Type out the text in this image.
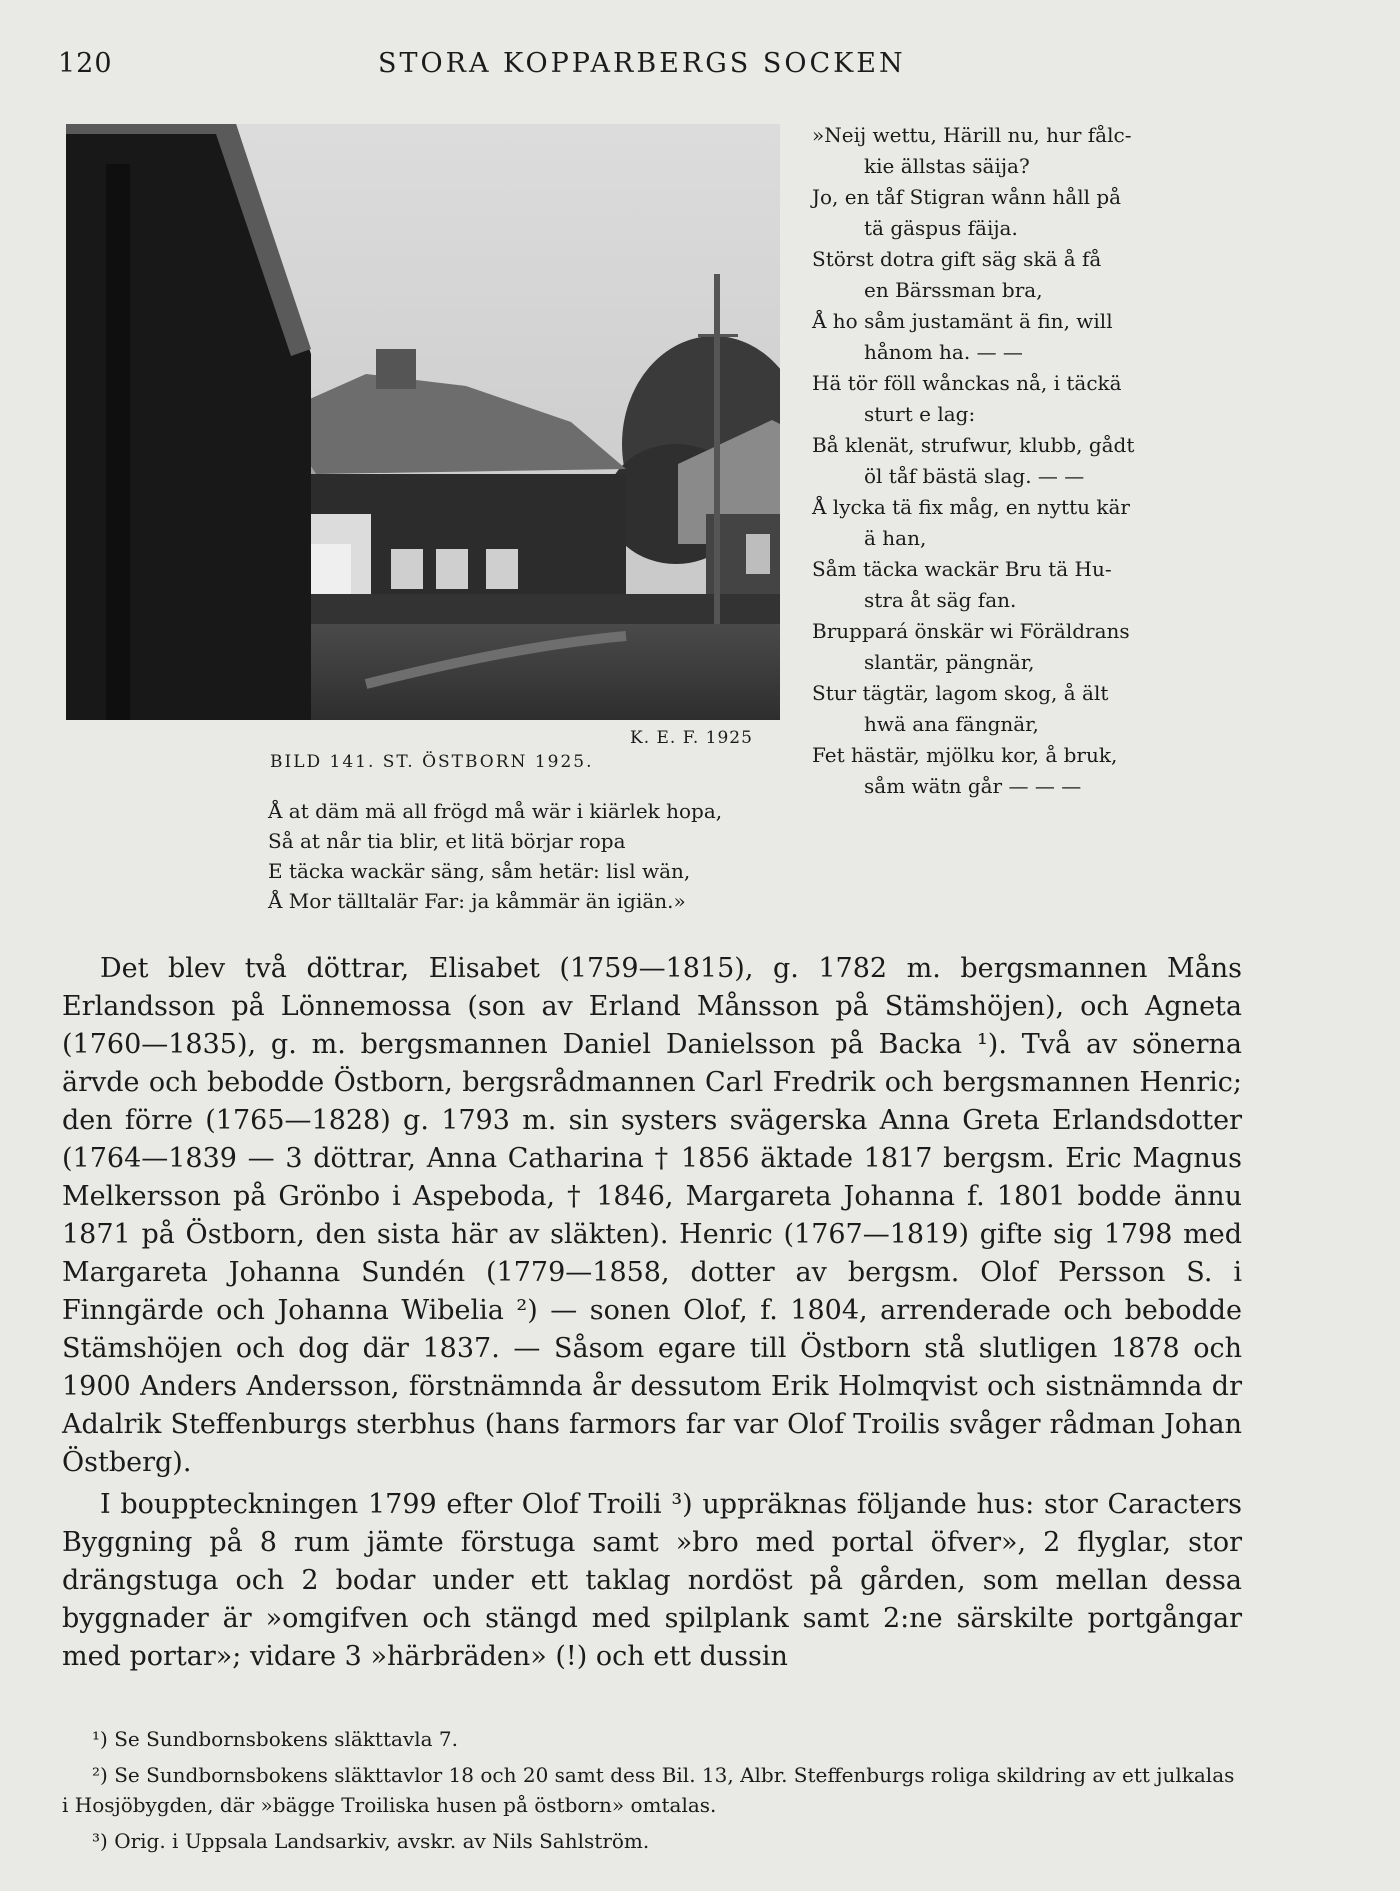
120	STORA KOPPARBERGS SOCKEN
K. E. F. 1925
BILD 141. ST. ÖSTBORN 1925.
»Neij wettu, Härill nu, hur fålc-
kie ällstas säija?
Jo, en tåf Stigran wånn håll på
tä gäspus fäija.
Störst dotra gift säg skä å få
en Bärssman bra,
Å ho såm justamänt ä fin, will
hånom ha. — —
Hä tör föll wånckas nå, i täckä
sturt e lag:
Bå klenät, strufwur, klubb, gådt
öl tåf bästä slag. — —
Å lycka tä fix måg, en nyttu kär
ä han,
Såm täcka wackär Bru tä Hu-
stra åt säg fan.
Bruppará önskär wi Föräldrans
slantär, pängnär,
Stur tägtär, lagom skog, å ält
hwä ana fängnär,
Fet hästär, mjölku kor, å bruk,
såm wätn går — — —
Å at däm mä all frögd må wär i kiärlek hopa,
Så at når tia blir, et litä börjar ropa
E täcka wackär säng, såm hetär: lisl wän,
Å Mor tälltalär Far: ja kåmmär än igiän.»

Det blev två döttrar, Elisabet (1759—1815), g. 1782 m. bergsmannen Måns Erlandsson på Lönnemossa (son av Erland Månsson på Stämshöjen), och Agneta (1760—1835), g. m. bergsmannen Daniel Danielsson på Backa ¹). Två av sönerna ärvde och bebodde Östborn, bergsrådmannen Carl Fredrik och bergsmannen Henric; den förre (1765—1828) g. 1793 m. sin systers svägerska Anna Greta Erlandsdotter (1764—1839 — 3 döttrar, Anna Catharina † 1856 äktade 1817 bergsm. Eric Magnus Melkersson på Grönbo i Aspeboda, † 1846, Margareta Johanna f. 1801 bodde ännu 1871 på Östborn, den sista här av släkten). Henric (1767—1819) gifte sig 1798 med Margareta Johanna Sundén (1779—1858, dotter av bergsm. Olof Persson S. i Finngärde och Johanna Wibelia ²) — sonen Olof, f. 1804, arrenderade och bebodde Stämshöjen och dog där 1837. — Såsom egare till Östborn stå slutligen 1878 och 1900 Anders Andersson, förstnämnda år dessutom Erik Holmqvist och sistnämnda dr Adalrik Steffenburgs sterbhus (hans farmors far var Olof Troilis svåger rådman Johan Östberg).

I bouppteckningen 1799 efter Olof Troili ³) uppräknas följande hus: stor Caracters Byggning på 8 rum jämte förstuga samt »bro med portal öfver», 2 flyglar, stor drängstuga och 2 bodar under ett taklag nordöst på gården, som mellan dessa byggnader är »omgifven och stängd med spilplank samt 2:ne särskilte portgångar med portar»; vidare 3 »härbräden» (!) och ett dussin

¹) Se Sundbornsbokens släkttavla 7.

²) Se Sundbornsbokens släkttavlor 18 och 20 samt dess Bil. 13, Albr. Steffenburgs roliga skildring av ett julkalas i Hosjöbygden, där »bägge Troiliska husen på östborn» omtalas.

³) Orig. i Uppsala Landsarkiv, avskr. av Nils Sahlström.
